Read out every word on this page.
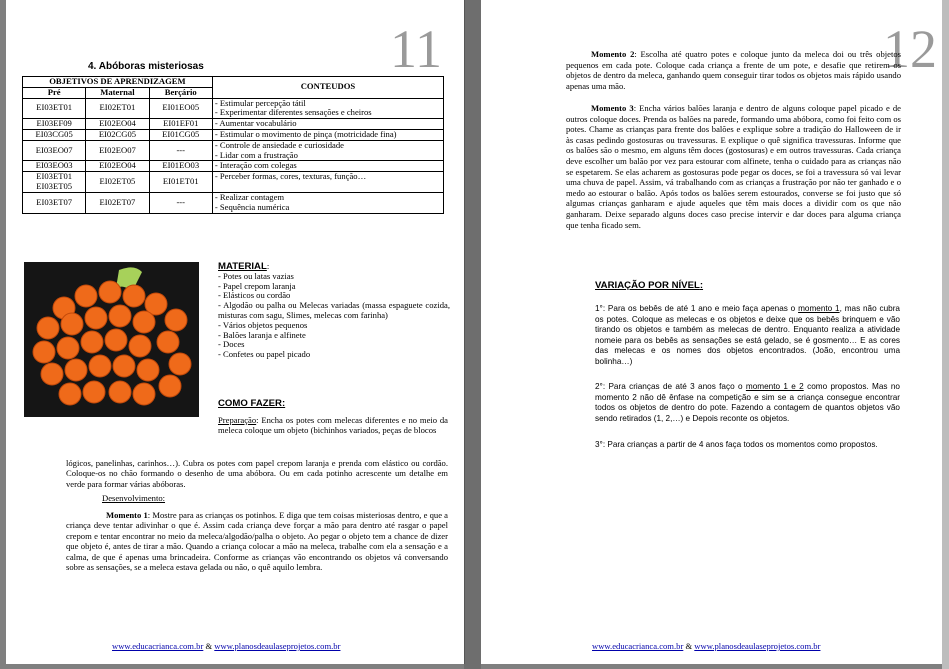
11
4. Abóboras misteriosas
OBJETIVOS DE APRENDIZAGEM			CONTEUDOS
Pré	Maternal	Berçário	
EI03ET01	EI02ET01	EI01EO05	- Estimular percepção tátil
- Experimentar diferentes sensações e cheiros

EI03EF09	EI02EO04	EI01EF01	- Aumentar vocabulário
EI03CG05	EI02CG05	EI01CG05	- Estimular o movimento de pinça (motricidade fina)
EI03EO07	EI02EO07	---	- Controle de ansiedade e curiosidade
- Lidar com a frustração

EI03EO03	EI02EO04	EI01EO03	- Interação com colegas

EI03ET01
EI03ET05	EI02ET05	EI01ET01	- Perceber formas, cores, texturas, função…
EI03ET07	EI02ET07	---	- Realizar contagem
- Sequência numérica
MATERIAL:
- Potes ou latas vazias
- Papel crepom laranja
- Elásticos ou cordão
- Algodão ou palha ou Melecas variadas (massa espaguete cozida, misturas com sagu, Slimes, melecas com farinha)
- Vários objetos pequenos
- Balões laranja e alfinete
- Doces
- Confetes ou papel picado
COMO FAZER:
Preparação: Encha os potes com melecas diferentes e no meio da meleca coloque um objeto (bichinhos variados, peças de blocos
lógicos, panelinhas, carinhos…). Cubra os potes com papel crepom laranja e prenda com elástico ou cordão. Coloque-os no chão formando o desenho de uma abóbora. Ou em cada potinho acrescente um detalhe em verde para formar várias abóboras.
Desenvolvimento:
Momento 1: Mostre para as crianças os potinhos. E diga que tem coisas misteriosas dentro, e que a criança deve tentar adivinhar o que é. Assim cada criança deve forçar a mão para dentro até rasgar o papel crepom e tentar encontrar no meio da meleca/algodão/palha o objeto. Ao pegar o objeto tem a chance de dizer que objeto é, antes de tirar a mão. Quando a criança colocar a mão na meleca, trabalhe com ela a sensação e a calma, de que é apenas uma brincadeira. Conforme as crianças vão encontrando os objetos vá conversando sobre as sensações, se a meleca estava gelada ou não, o quê aquilo lembra.
www.educacrianca.com.br & www.planosdeaulaseprojetos.com.br
12
Momento 2: Escolha até quatro potes e coloque junto da meleca doi ou três objetos pequenos em cada pote. Coloque cada criança a frente de um pote, e desafie que retirem os objetos de dentro da meleca, ganhando quem conseguir tirar todos os objetos mais rápido usando apenas uma mão.
Momento 3: Encha vários balões laranja e dentro de alguns coloque papel picado e de outros coloque doces. Prenda os balões na parede, formando uma abóbora, como foi feito com os potes. Chame as crianças para frente dos balões e explique sobre a tradição do Halloween de ir às casas pedindo gostosuras ou travessuras. E explique o quê significa travessuras. Informe que os balões são o mesmo, em alguns têm doces (gostosuras) e em outros travessuras. Cada criança deve escolher um balão por vez para estourar com alfinete, tenha o cuidado para as crianças não se espetarem. Se elas acharem as gostosuras pode pegar os doces, se foi a travessura só vai levar uma chuva de papel. Assim, vá trabalhando com as crianças a frustração por não ter ganhado e o medo ao estourar o balão. Após todos os balões serem estourados, converse se foi justo que só algumas crianças ganharam e ajude aqueles que têm mais doces a dividir com os que não ganharam. Deixe separado alguns doces caso precise intervir e dar doces para alguma criança que tenha ficado sem.
VARIAÇÃO POR NÍVEL:
1°: Para os bebês de até 1 ano e meio faça apenas o momento 1, mas não cubra os potes. Coloque as melecas e os objetos e deixe que os bebês brinquem e vão tirando os objetos e também as melecas de dentro. Enquanto realiza a atividade nomeie para os bebês as sensações se está gelado, se é gosmento… E as cores das melecas e os nomes dos objetos encontrados. (João, encontrou uma bolinha…)
2°: Para crianças de até 3 anos faço o momento 1 e 2 como propostos. Mas no momento 2 não dê ênfase na competição e sim se a criança consegue encontrar todos os objetos de dentro do pote. Fazendo a contagem de quantos objetos vão sendo retirados (1, 2,…) e Depois reconte os objetos.
3°: Para crianças a partir de 4 anos faça todos os momentos como propostos.
www.educacrianca.com.br & www.planosdeaulaseprojetos.com.br
